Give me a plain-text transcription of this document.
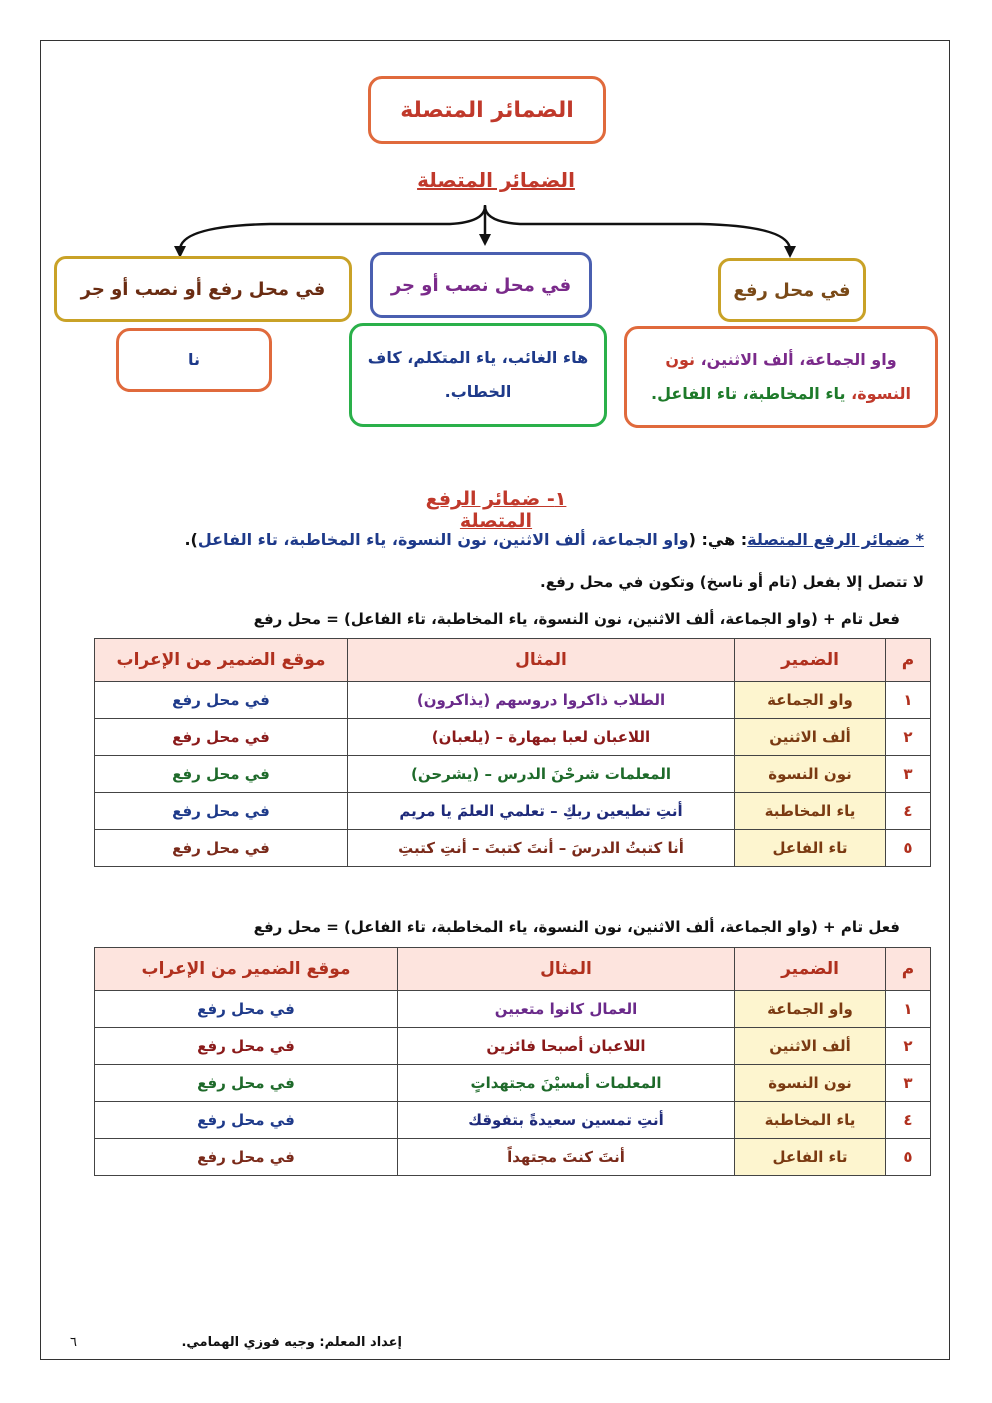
الضمائر المتصلة
الضمائر المتصلة
في محل رفع
في محل نصب أو جر
في محل رفع أو نصب أو جر
واو الجماعة، ألف الاثنين، نون
النسوة، ياء المخاطبة، تاء الفاعل.
هاء الغائب، ياء المتكلم، كاف
الخطاب.
نا
١- ضمائر الرفع المتصلة
* ضمائر الرفع المتصلة: هي: (واو الجماعة، ألف الاثنين، نون النسوة، ياء المخاطبة، تاء الفاعل).
لا تتصل إلا بفعل (تام أو ناسخ) وتكون في محل رفع.
فعل تام + (واو الجماعة، ألف الاثنين، نون النسوة، ياء المخاطبة، تاء الفاعل) = محل رفع
م	الضمير	المثال	موقع الضمير من الإعراب
١	واو الجماعة	الطلاب ذاكروا دروسهم (يذاكرون)	في محل رفع
٢	ألف الاثنين	اللاعبان لعبا بمهارة – (يلعبان)	في محل رفع
٣	نون النسوة	المعلمات شرحْنَ الدرس – (يشرحن)	في محل رفع
٤	ياء المخاطبة	أنتِ تطيعين ربكِ – تعلمي العلمَ يا مريم	في محل رفع
٥	تاء الفاعل	أنا كتبتُ الدرسَ – أنتَ كتبتَ – أنتِ كتبتِ	في محل رفع
فعل تام + (واو الجماعة، ألف الاثنين، نون النسوة، ياء المخاطبة، تاء الفاعل) = محل رفع
م	الضمير	المثال	موقع الضمير من الإعراب
١	واو الجماعة	العمال كانوا متعبين	في محل رفع
٢	ألف الاثنين	اللاعبان أصبحا فائزين	في محل رفع
٣	نون النسوة	المعلمات أمسيْنَ مجتهداتٍ	في محل رفع
٤	ياء المخاطبة	أنتِ تمسين سعيدةً بتفوقك	في محل رفع
٥	تاء الفاعل	أنتَ كنتَ مجتهداً	في محل رفع
إعداد المعلم: وجيه فوزي الهمامي.
٦
